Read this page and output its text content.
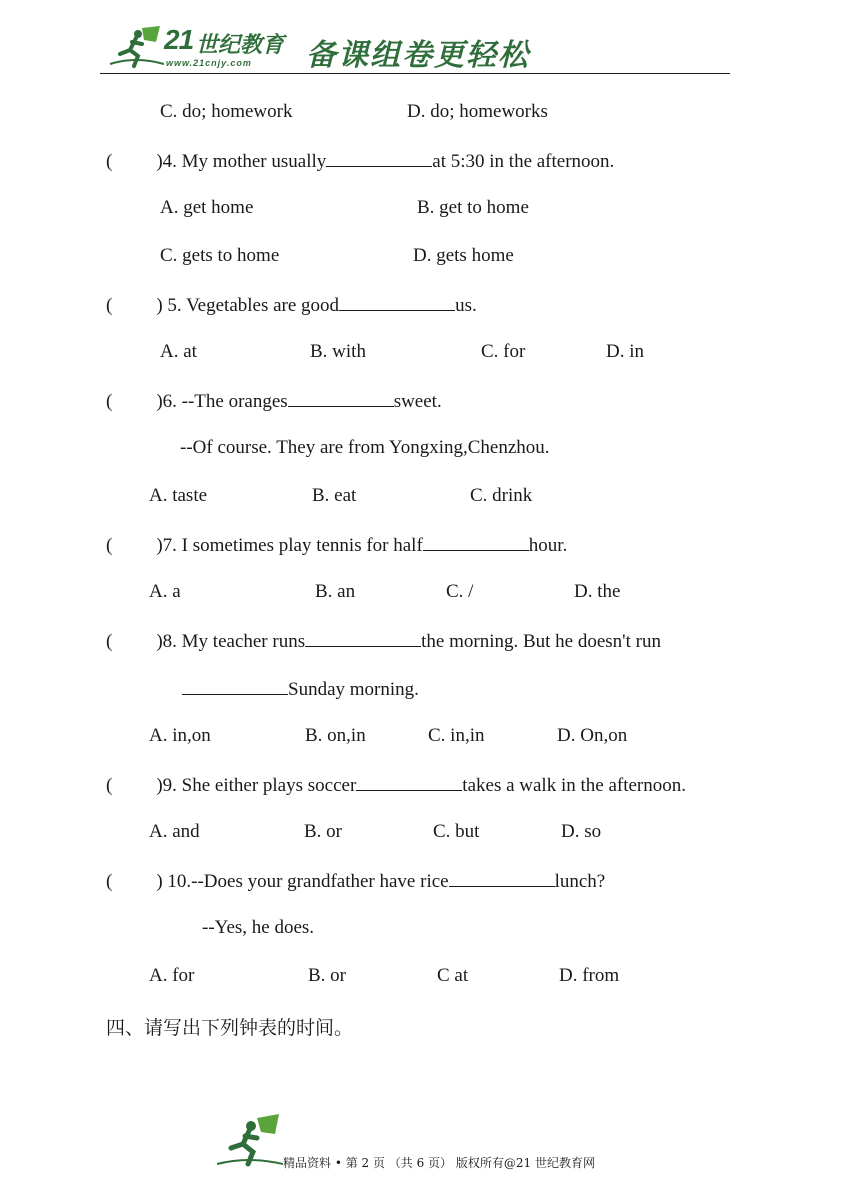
21 世纪教育
www.21cnjy.com 备课组卷更轻松
C. do; homework	D. do; homeworks
( )4. My mother usually	at 5:30 in the afternoon.
A. get home	B. get to home
C. gets to home	D. gets home
( ) 5. Vegetables are good	us.
A. at	B. with	C. for	D. in
( )6. --The oranges	sweet.
--Of course. They are from Yongxing,Chenzhou.
A. taste	B. eat	C. drink
( )7. I sometimes play tennis for half	hour.
A. a	B. an	C. /	D. the
( )8. My teacher runs	the morning. But he doesn't run
Sunday morning.
A. in,on	B. on,in	C. in,in	D. On,on
( )9. She either plays soccer	takes a walk in the afternoon.
A. and	B. or	C. but	D. so
( ) 10.--Does your grandfather have rice	lunch?
--Yes, he does.
A. for	B. or	C at	D. from
四、请写出下列钟表的时间。
精品资料 • 第 2 页 （共 6 页） 版权所有@21 世纪教育网
